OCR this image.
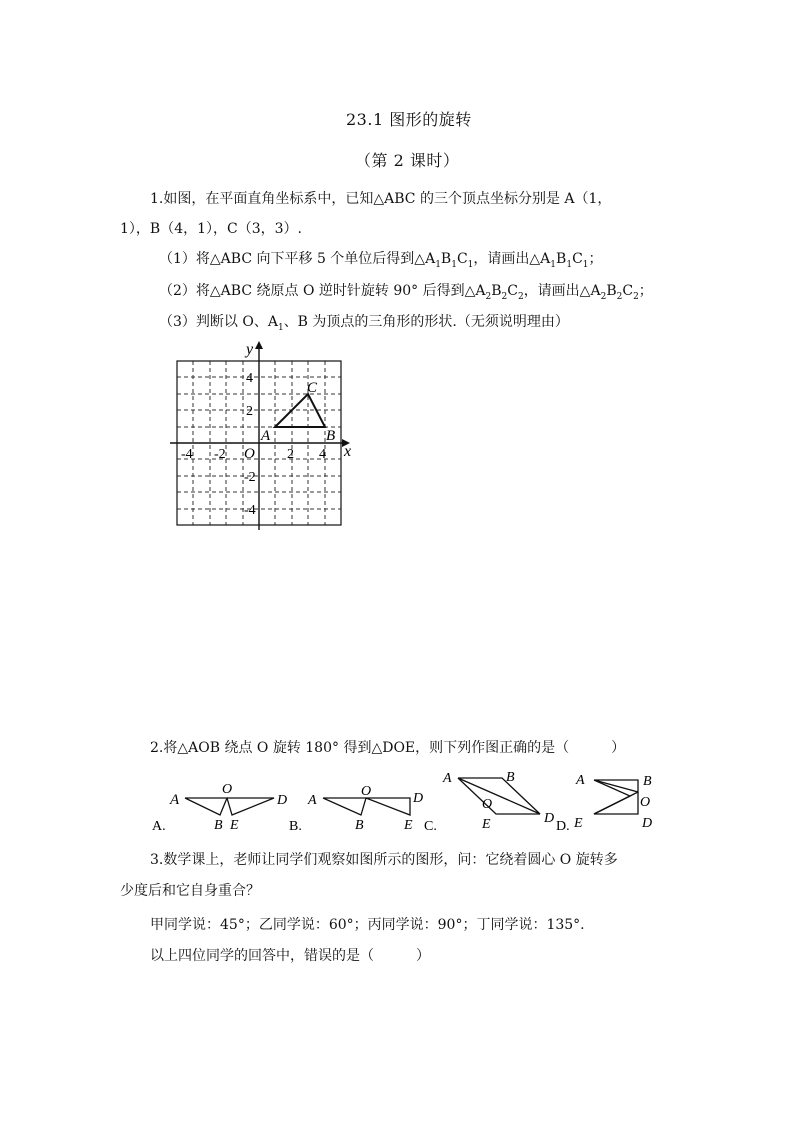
23.1 图形的旋转
（第 2 课时）
1.如图，在平面直角坐标系中，已知△ABC 的三个顶点坐标分别是 A（1，
1），B（4，1），C（3，3）.
（1）将△ABC 向下平移 5 个单位后得到$\triangle A_1B_1C_1$，请画出$\triangle A_1B_1C_1$；
（2）将△ABC 绕原点 O 逆时针旋转 90° 后得到$\triangle A_2B_2C_2$，请画出$\triangle A_2B_2C_2$；
（3）判断以 O、$A_1$、B 为顶点的三角形的形状.（无须说明理由）
x
y
O
-4 -2	2 4
4
2
-2
-4
A	B
C
2.将△AOB 绕点 O 旋转 180° 得到△DOE，则下列作图正确的是（　　　）
A.
A
O
B E
D
B.
A
O
B	E
D
C.
A	B
O
E	D
D.
A	B
O
E	D
3.数学课上，老师让同学们观察如图所示的图形，问：它绕着圆心 O 旋转多
少度后和它自身重合？
甲同学说：45°；乙同学说：60°；丙同学说：90°；丁同学说：135°.
以上四位同学的回答中，错误的是（　　　）
